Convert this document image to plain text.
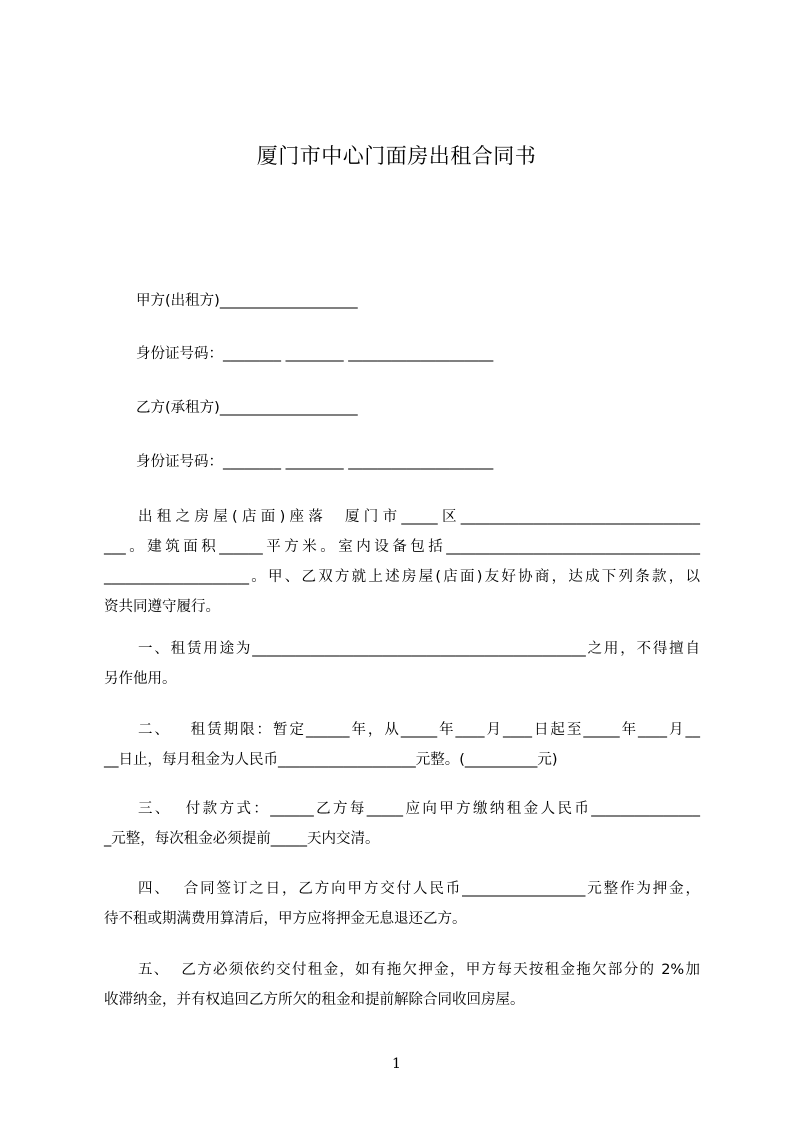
厦门市中心门面房出租合同书

甲方(出租方)___________________

身份证号码：________ ________ ____________________

乙方(承租方)___________________

身份证号码：________ ________ ____________________

出租之房屋(店面)座落  厦门市_____区_________________________________
___。建筑面积______平方米。室内设备包括___________________________________
____________________。甲、乙双方就上述房屋(店面)友好协商，达成下列条款，以
资共同遵守履行。
一、租赁用途为______________________________________________之用，不得擅自
另作他用。
二、   租赁期限：暂定______年，从_____年____月____日起至_____年____月__
__日止，每月租金为人民币___________________元整。(__________元)
三、  付款方式：______乙方每_____应向甲方缴纳租金人民币_______________
_元整，每次租金必须提前_____天内交清。
四、  合同签订之日，乙方向甲方交付人民币_________________元整作为押金，
待不租或期满费用算清后，甲方应将押金无息退还乙方。
五、  乙方必须依约交付租金，如有拖欠押金，甲方每天按租金拖欠部分的 2%加
收滞纳金，并有权追回乙方所欠的租金和提前解除合同收回房屋。

1
